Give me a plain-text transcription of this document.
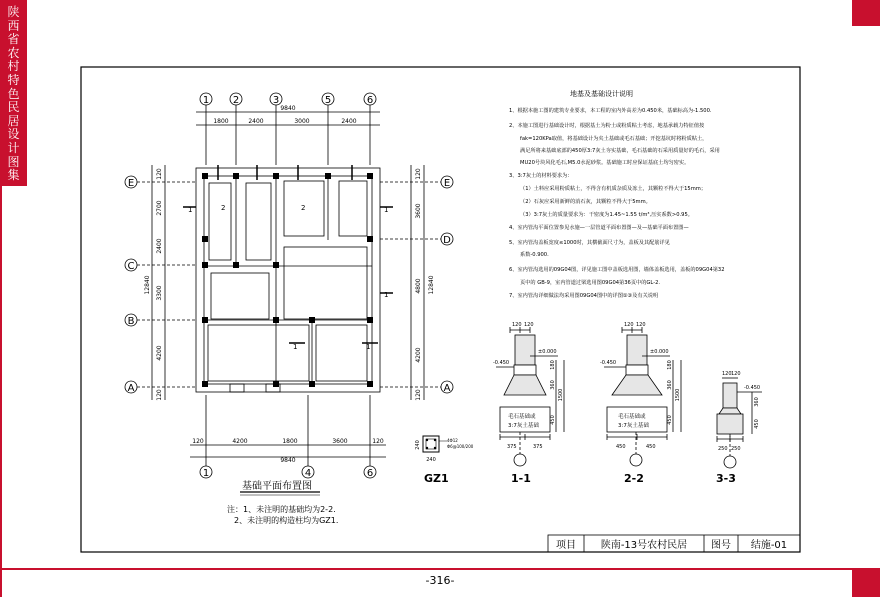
陕西省农村特色民居设计图集
-316-
1 2	3	5	6
9840
1800	2400	3000	2400
E
C
B
A
E
D
A
120
2700
2400
3300
4200
120
12840
120
3600
4800
4200
120
12840
120	4200	1800	3600	120
9840
1	4	6
1	1
1
1	1
2	2
基础平面布置图
注：1、未注明的基础均为2-2.
2、未注明的构造柱均为GZ1.
4Φ12
Φ6@100/200
240
240
GZ1
地基及基础设计说明
1、根据本施工图的建筑专业要求，本工程的室内外高差为0.450米，基础标高为-1.500.
2、本施工图进行基础设计时，根据基土为粉土或粉质粘土考虑，地基承载力特征值按
fak=120KPa取值，将基础设计为夹土基础或毛石基础；开挖基坑时将粉质粘土，
满足所将来基础底部的450厚3:7灰土夯实基础，毛石基础的石采用质量好的毛石，采用
MU20号块风化毛石,M5.0水泥砂浆。基础施工时应保证基底土均匀密实。
3、3:7灰土的材料要求为：
（1）土料应采用粉质粘土，不得含有机质杂质及冻土，其颗粒不得大于15mm；
（2）石灰应采用新鲜的消石灰，其颗粒不得大于5mm。
（3）3:7灰土的质量要求为：干密度为1.45~1.55 t/m³,压实系数>0.95。
4、室内管沟平面位置参见水施—一层管道平面布置图—及—基础平面布置图—
5、室内管沟盖板宽度≤1000时，其横截面尺寸为，盖板及其配筋详见
系数-0.900.
6、室内管沟选用的09G04图，详见施工图中盖板选用图，墙体盖板选用，盖板的09G04第32
页中的 GB-9，室内管道过梁选用图09G04第36页中的GL-2.
7、室内管沟详细做法均采用图09G04图中的详图①③及有关说明
120 120
-0.450
±0.000
毛石基础或
3:7灰土基础
375	375
450
1500
360
180
1-1
120 120
-0.450
±0.000
毛石基础或
3:7灰土基础
450	450
450
1500
360
180
2-2
120 120
-0.450
250 250
360
450
3-3
项目 陕南-13号农村民居 图号 结施-01
